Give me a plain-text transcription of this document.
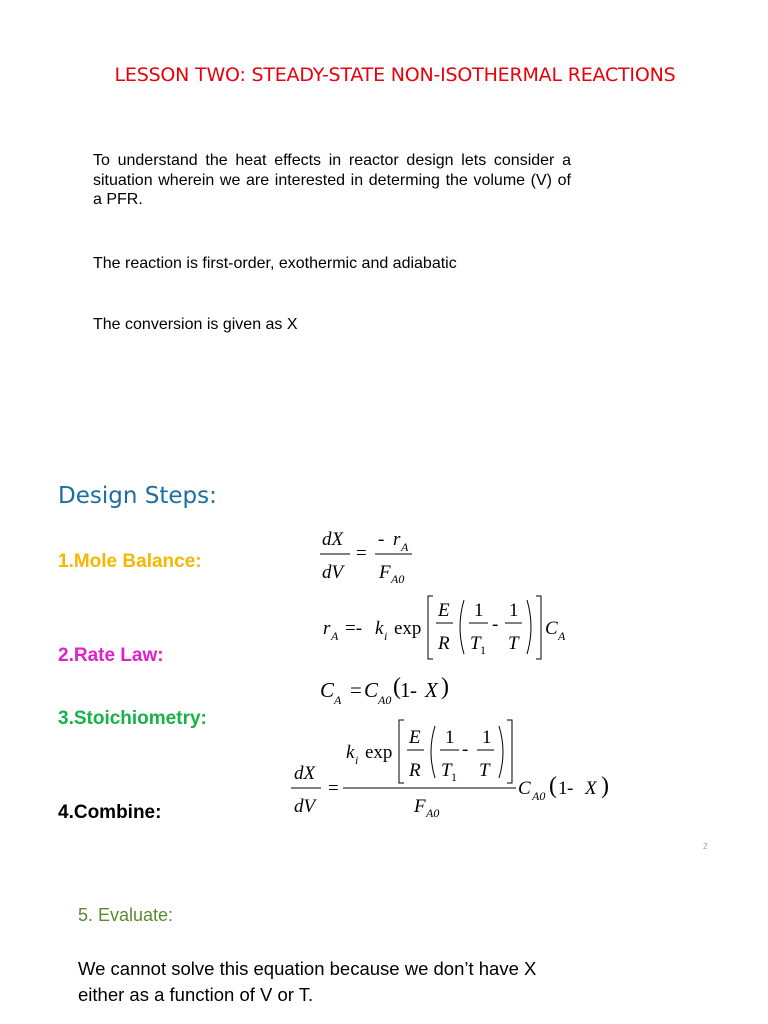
LESSON TWO: STEADY-STATE NON-ISOTHERMAL REACTIONS
To understand the heat effects in reactor design lets consider a situation wherein we are interested in determing the volume (V) of a PFR.
The reaction is first-order, exothermic and adiabatic
The conversion is given as X
Design Steps:
1.Mole Balance:
2.Rate Law:
3.Stoichiometry:
4.Combine:
dX
dV
=
- r A
F A0
r A =- k i exp
E
R
1
T 1
-
1
T
C A
C A = C A0 ( 1 - X )
dX
dV
=
k i exp
E
R
1
T 1
-
1
T
F A0
C A0 ( 1 - X )
2
5. Evaluate:
We cannot solve this equation because we don’t have X either as a function of V or T.
